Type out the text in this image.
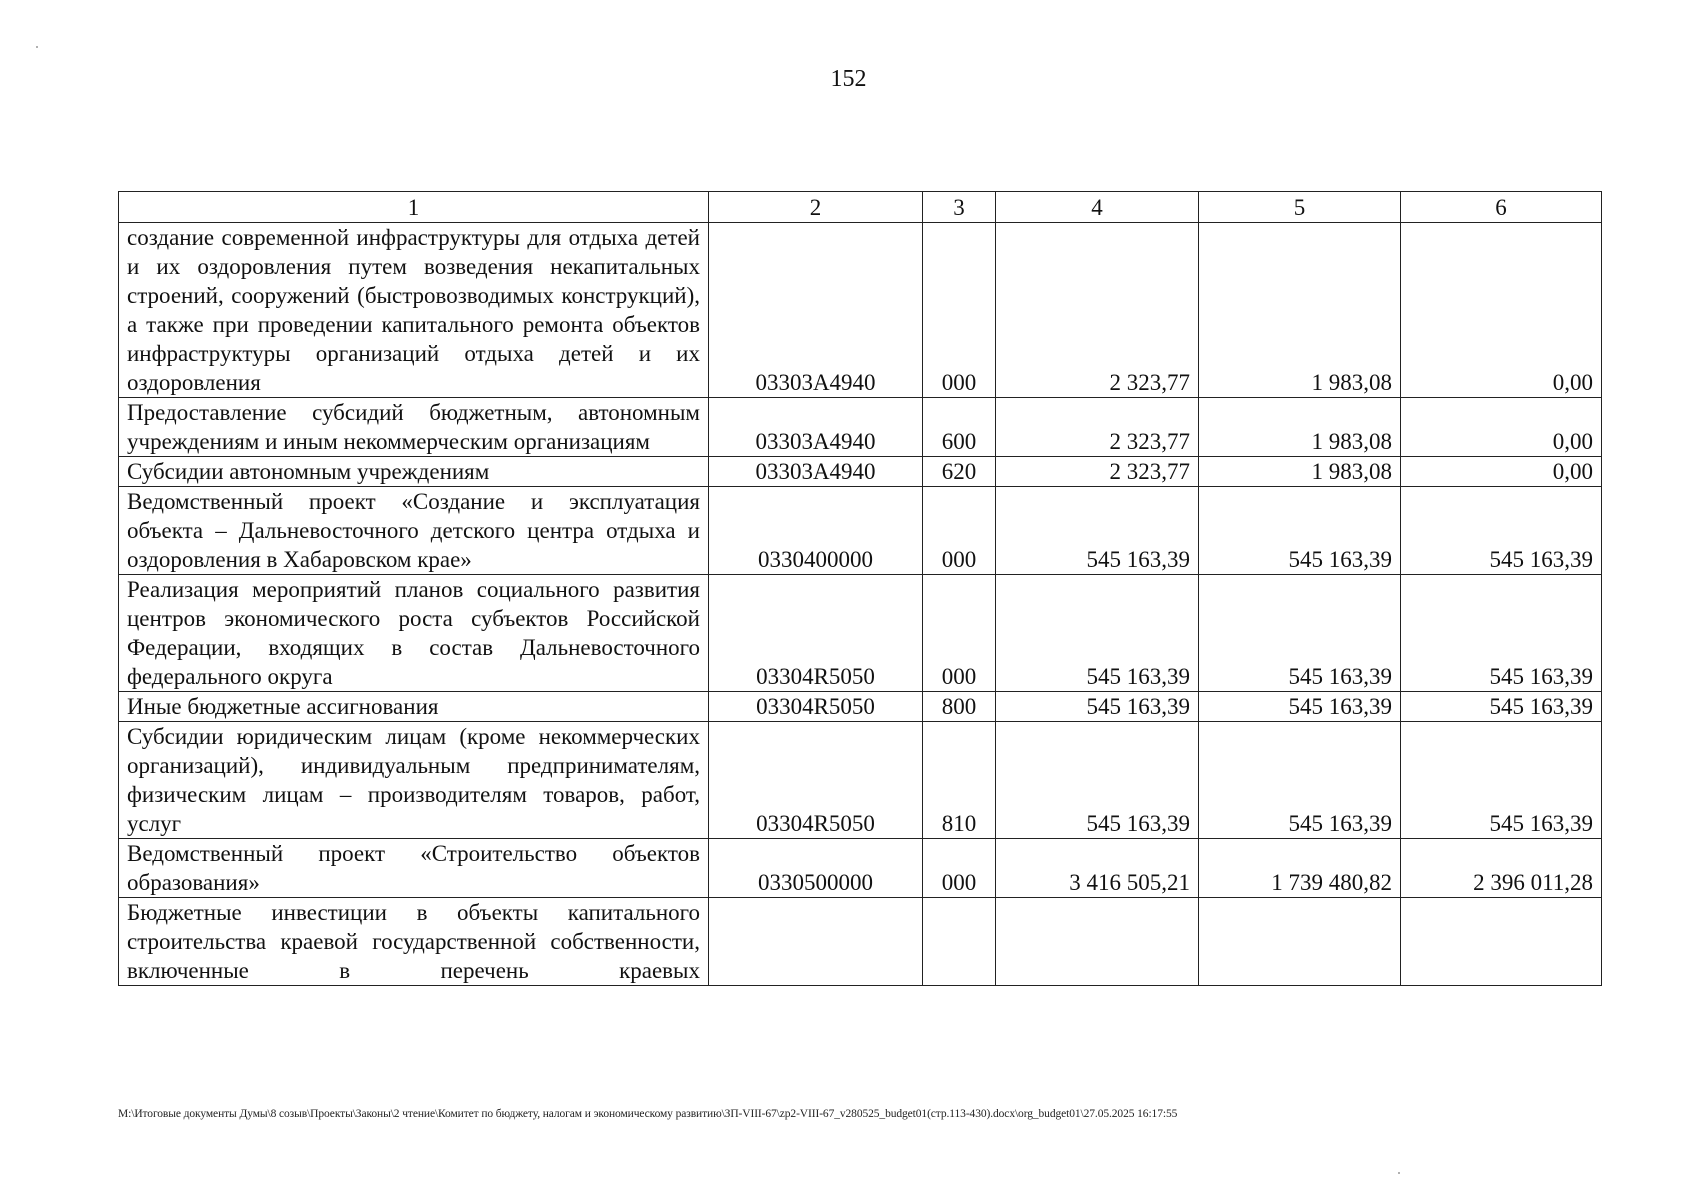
152
1	2	3	4	5	6
создание современной инфраструктуры для отдыха детей и их оздоровления путем возведения некапитальных строений, сооружений (быстровозводимых конструкций), а также при проведении капитального ремонта объектов инфраструктуры организаций отдыха детей и их оздоровления	03303А4940	000	2 323,77	1 983,08	0,00
Предоставление субсидий бюджетным, автономным учреждениям и иным некоммерческим организациям	03303А4940	600	2 323,77	1 983,08	0,00
Субсидии автономным учреждениям	03303А4940	620	2 323,77	1 983,08	0,00
Ведомственный проект «Создание и эксплуатация объекта – Дальневосточного детского центра отдыха и оздоровления в Хабаровском крае»	0330400000	000	545 163,39	545 163,39	545 163,39
Реализация мероприятий планов социального развития центров экономического роста субъектов Российской Федерации, входящих в состав Дальневосточного федерального округа	03304R5050	000	545 163,39	545 163,39	545 163,39
Иные бюджетные ассигнования	03304R5050	800	545 163,39	545 163,39	545 163,39
Субсидии юридическим лицам (кроме некоммерческих организаций), индивидуальным предпринимателям, физическим лицам – производителям товаров, работ, услуг	03304R5050	810	545 163,39	545 163,39	545 163,39
Ведомственный проект «Строительство объектов образования»	0330500000	000	3 416 505,21	1 739 480,82	2 396 011,28
Бюджетные инвестиции в объекты капитального строительства краевой государственной собственности, включенные в перечень краевых					
M:\Итоговые документы Думы\8 созыв\Проекты\Законы\2 чтение\Комитет по бюджету, налогам и экономическому развитию\ЗП-VIII-67\zp2-VIII-67_v280525_budget01(стр.113-430).docx\org_budget01\27.05.2025 16:17:55
